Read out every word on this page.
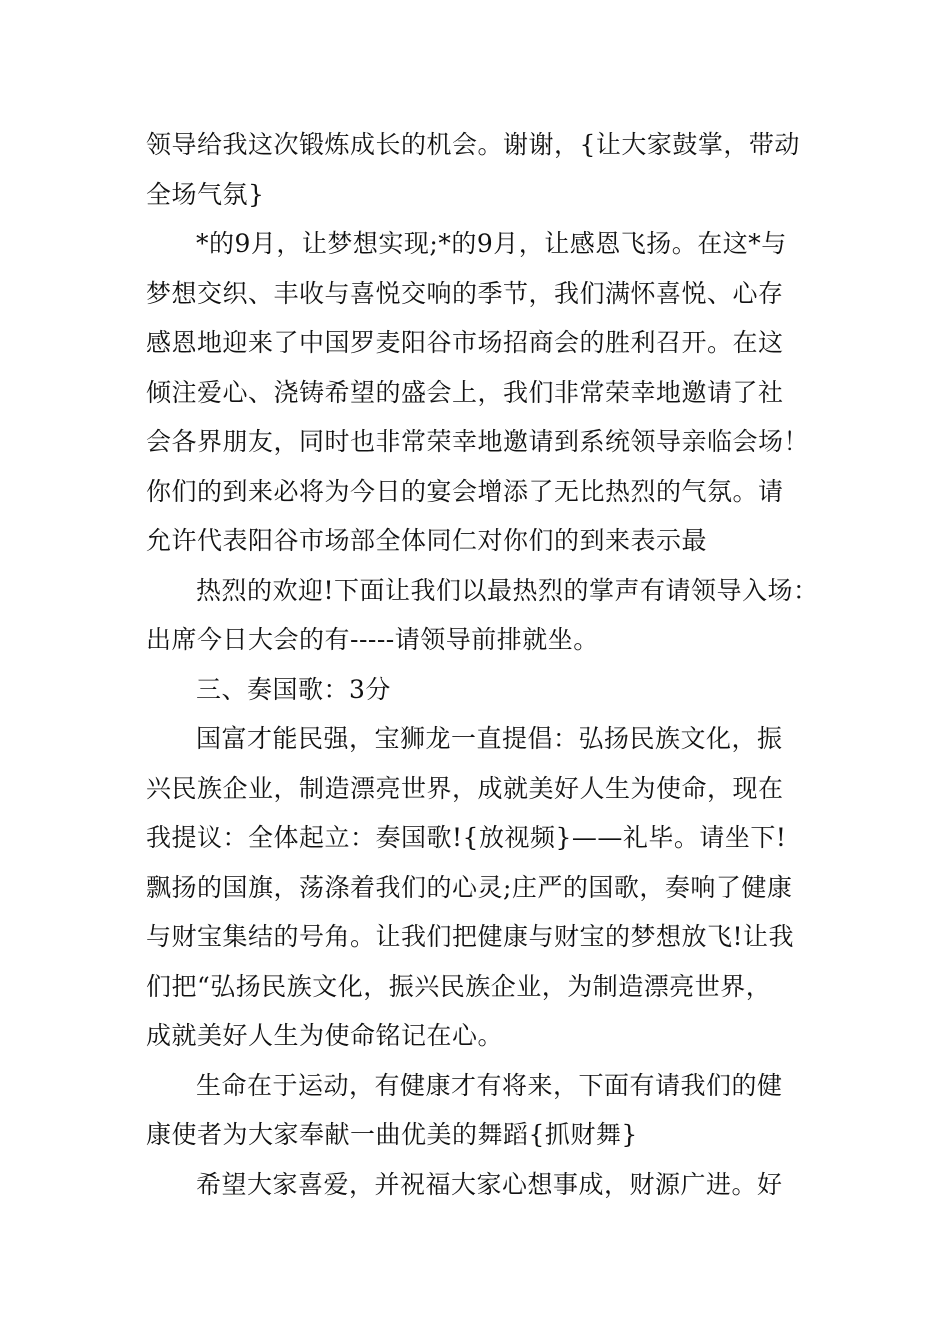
领导给我这次锻炼成长的机会。谢谢，{让大家鼓掌，带动
全场气氛}
*的9月，让梦想实现;*的9月，让感恩飞扬。在这*与
梦想交织、丰收与喜悦交响的季节，我们满怀喜悦、心存
感恩地迎来了中国罗麦阳谷市场招商会的胜利召开。在这
倾注爱心、浇铸希望的盛会上，我们非常荣幸地邀请了社
会各界朋友，同时也非常荣幸地邀请到系统领导亲临会场！
你们的到来必将为今日的宴会增添了无比热烈的气氛。请
允许代表阳谷市场部全体同仁对你们的到来表示最
热烈的欢迎!下面让我们以最热烈的掌声有请领导入场：
出席今日大会的有-----请领导前排就坐。
三、奏国歌：3分
国富才能民强，宝狮龙一直提倡：弘扬民族文化，振
兴民族企业，制造漂亮世界，成就美好人生为使命，现在
我提议：全体起立：奏国歌!{放视频}——礼毕。请坐下!
飘扬的国旗，荡涤着我们的心灵;庄严的国歌，奏响了健康
与财宝集结的号角。让我们把健康与财宝的梦想放飞!让我
们把“弘扬民族文化，振兴民族企业，为制造漂亮世界，
成就美好人生为使命铭记在心。
生命在于运动，有健康才有将来，下面有请我们的健
康使者为大家奉献一曲优美的舞蹈{抓财舞}
希望大家喜爱，并祝福大家心想事成，财源广进。好
